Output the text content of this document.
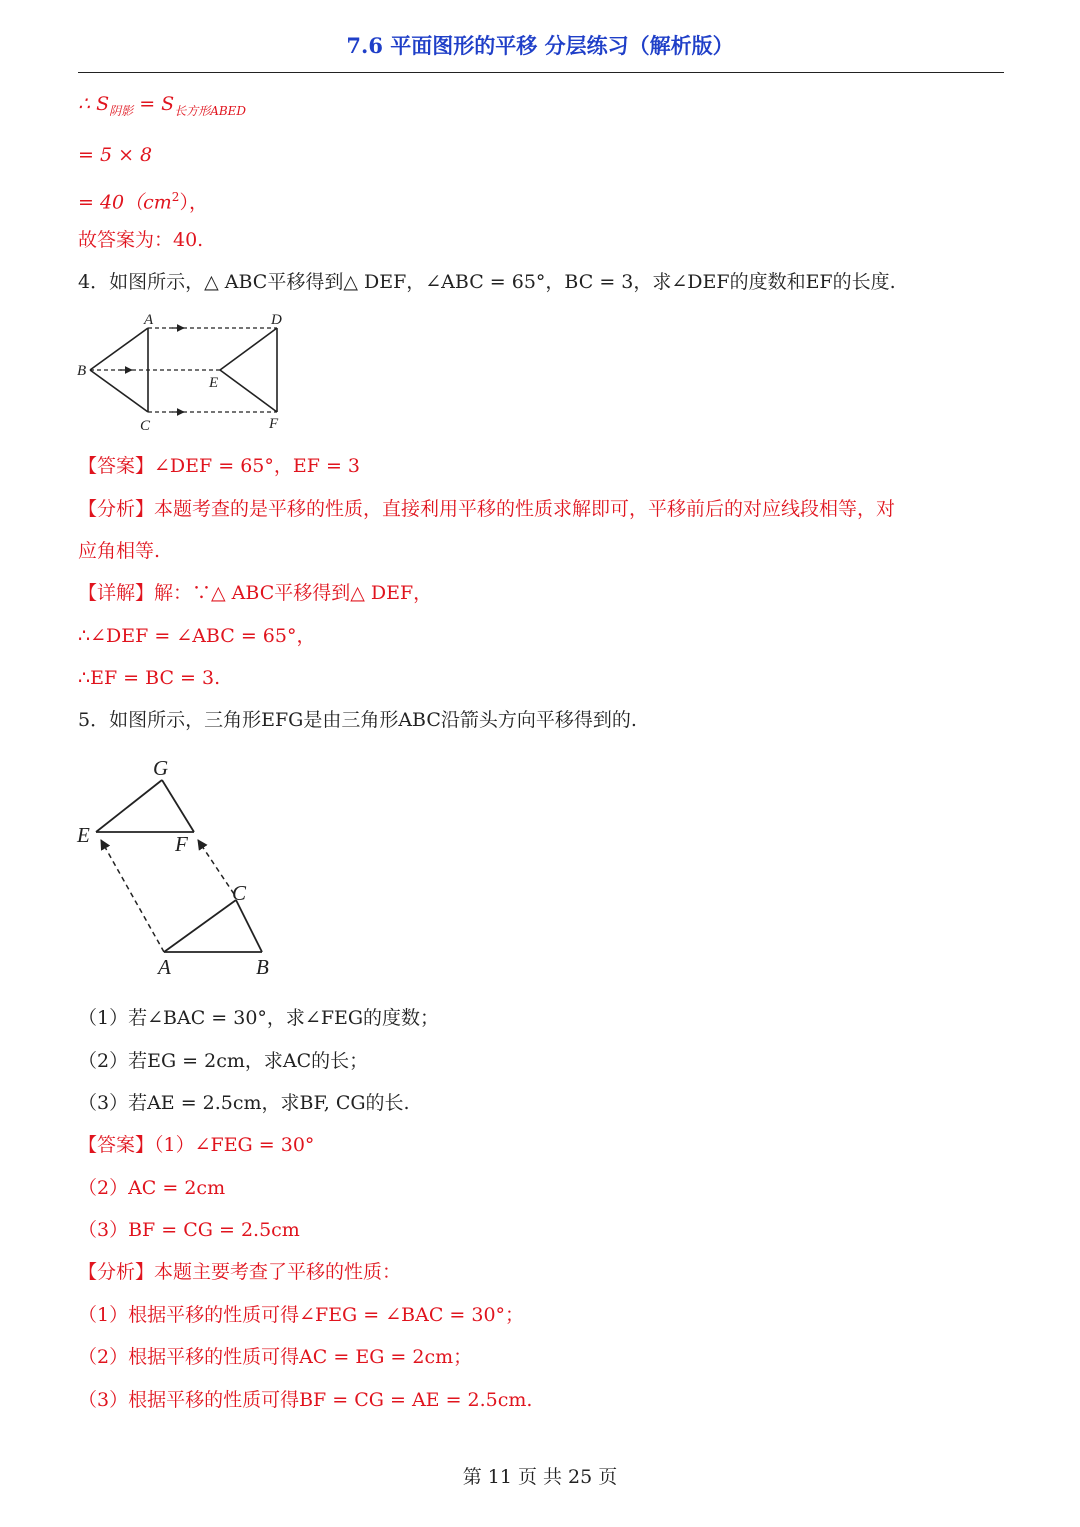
7.6 平面图形的平移 分层练习（解析版）
∴ $S_{阴影} = S_{长方形ABED}$
= 5 × 8
= $40(cm^2)$，
故答案为：40.
4．如图所示，△ ABC平移得到△ DEF，∠ABC = 65°，BC = 3，求∠DEF的度数和EF的长度.
A
B
C
D
E
F
【答案】∠DEF = 65°，EF = 3
【分析】本题考查的是平移的性质，直接利用平移的性质求解即可，平移前后的对应线段相等，对
应角相等.
【详解】解：∵△ ABC平移得到△ DEF，
∴∠DEF = ∠ABC = 65°，
∴EF = BC = 3.
5．如图所示，三角形EFG是由三角形ABC沿箭头方向平移得到的.
A	B
C
E	F
G
（1）若∠BAC = 30°，求∠FEG的度数；
（2）若EG = 2cm，求AC的长；
（3）若AE = 2.5cm，求BF, CG的长.
【答案】（1）∠FEG = 30°
（2）AC = 2cm
（3）BF = CG = 2.5cm
【分析】本题主要考查了平移的性质：
（1）根据平移的性质可得∠FEG = ∠BAC = 30°；
（2）根据平移的性质可得AC = EG = 2cm；
（3）根据平移的性质可得BF = CG = AE = 2.5cm.
第 11 页 共 25 页
